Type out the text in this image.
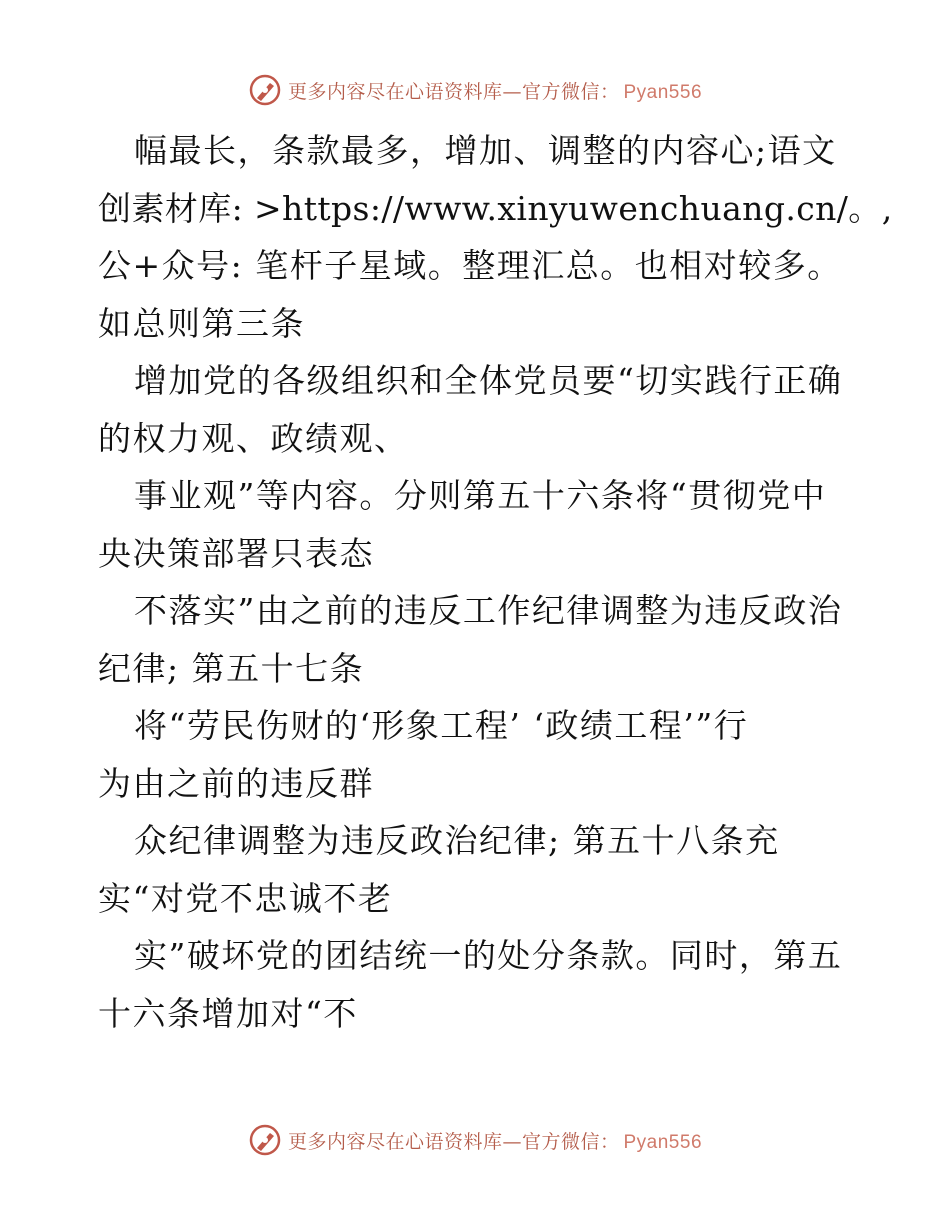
更多内容尽在心语资料库—官方微信： Pyan556
幅最长，条款最多，增加、调整的内容心;语文
创素材库: >https://www.xinyuwenchuang.cn/。,
公+众号: 笔杆子星域。整理汇总。也相对较多。
如总则第三条
增加党的各级组织和全体党员要“切实践行正确
的权力观、政绩观、
事业观”等内容。分则第五十六条将“贯彻党中
央决策部署只表态
不落实”由之前的违反工作纪律调整为违反政治
纪律; 第五十七条
将“劳民伤财的‘形象工程’ ‘政绩工程’”行
为由之前的违反群
众纪律调整为违反政治纪律; 第五十八条充
实“对党不忠诚不老
实”破坏党的团结统一的处分条款。同时，第五
十六条增加对“不
更多内容尽在心语资料库—官方微信： Pyan556
